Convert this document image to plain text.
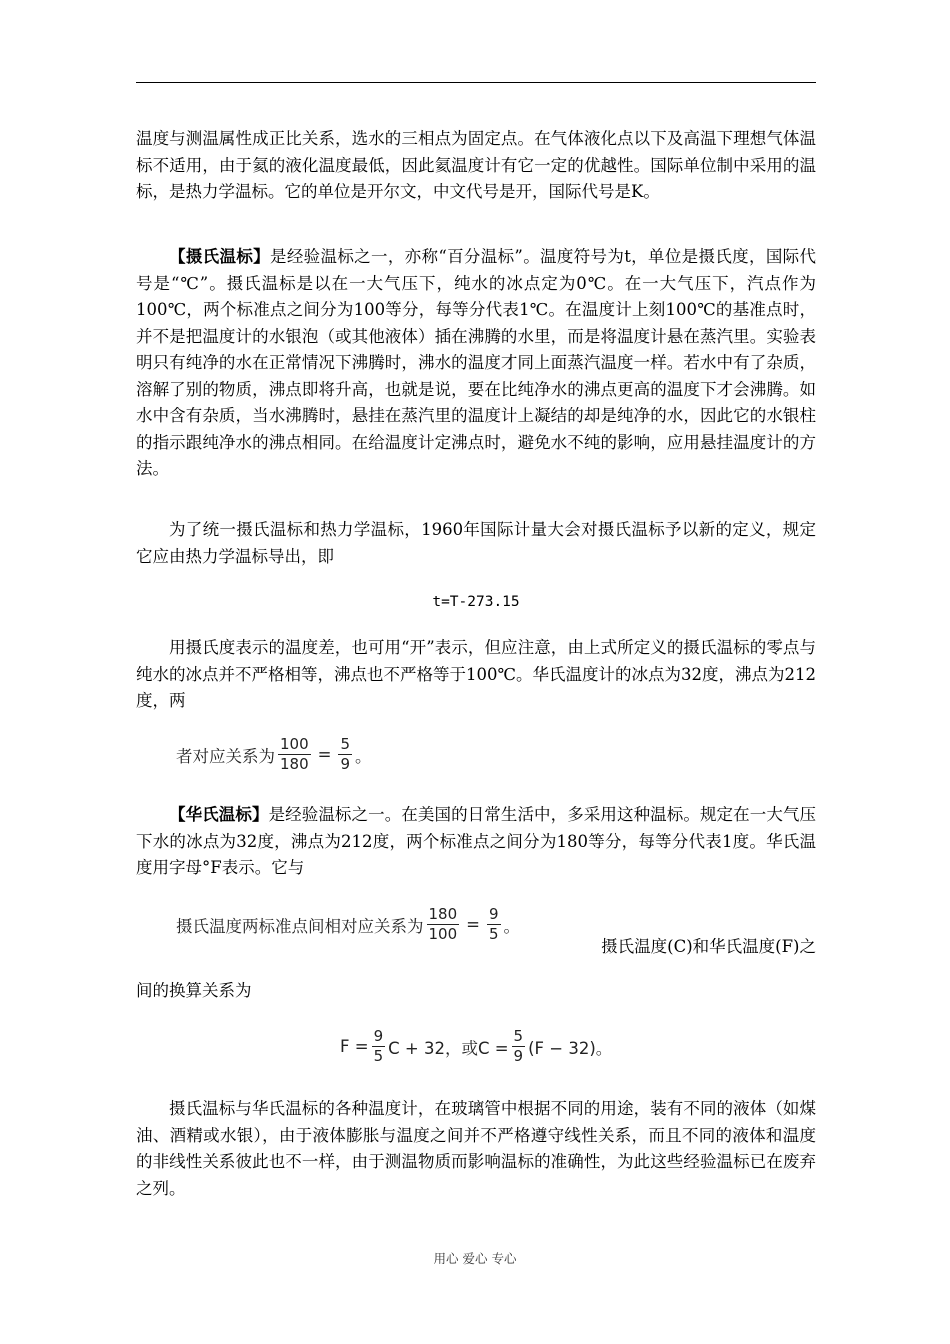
温度与测温属性成正比关系，选水的三相点为固定点。在气体液化点以下及高温下理想气体温标不适用，由于氦的液化温度最低，因此氦温度计有它一定的优越性。国际单位制中采用的温标，是热力学温标。它的单位是开尔文，中文代号是开，国际代号是K。

【摄氏温标】是经验温标之一，亦称“百分温标”。温度符号为t，单位是摄氏度，国际代号是“℃”。摄氏温标是以在一大气压下，纯水的冰点定为0℃。在一大气压下，汽点作为100℃，两个标准点之间分为100等分，每等分代表1℃。在温度计上刻100℃的基准点时，并不是把温度计的水银泡（或其他液体）插在沸腾的水里，而是将温度计悬在蒸汽里。实验表明只有纯净的水在正常情况下沸腾时，沸水的温度才同上面蒸汽温度一样。若水中有了杂质，溶解了别的物质，沸点即将升高，也就是说，要在比纯净水的沸点更高的温度下才会沸腾。如水中含有杂质，当水沸腾时，悬挂在蒸汽里的温度计上凝结的却是纯净的水，因此它的水银柱的指示跟纯净水的沸点相同。在给温度计定沸点时，避免水不纯的影响，应用悬挂温度计的方法。

为了统一摄氏温标和热力学温标，1960年国际计量大会对摄氏温标予以新的定义，规定它应由热力学温标导出，即

t=T-273.15

用摄氏度表示的温度差，也可用“开”表示，但应注意，由上式所定义的摄氏温标的零点与纯水的冰点并不严格相等，沸点也不严格等于100℃。华氏温度计的冰点为32度，沸点为212度，两

者对应关系为 $\frac{100}{180} = \frac{5}{9}$ 。

【华氏温标】是经验温标之一。在美国的日常生活中，多采用这种温标。规定在一大气压下水的冰点为32度，沸点为212度，两个标准点之间分为180等分，每等分代表1度。华氏温度用字母°F表示。它与

摄氏温度两标准点间相对应关系为 $\frac{180}{100} = \frac{9}{5}$ 。
摄氏温度(C)和华氏温度(F)之

间的换算关系为

$F = \frac{9}{5}$ C + 32，或$C = \frac{5}{9} (F - 32)$。

摄氏温标与华氏温标的各种温度计，在玻璃管中根据不同的用途，装有不同的液体（如煤油、酒精或水银），由于液体膨胀与温度之间并不严格遵守线性关系，而且不同的液体和温度的非线性关系彼此也不一样，由于测温物质而影响温标的准确性，为此这些经验温标已在废弃之列。

用心 爱心 专心
